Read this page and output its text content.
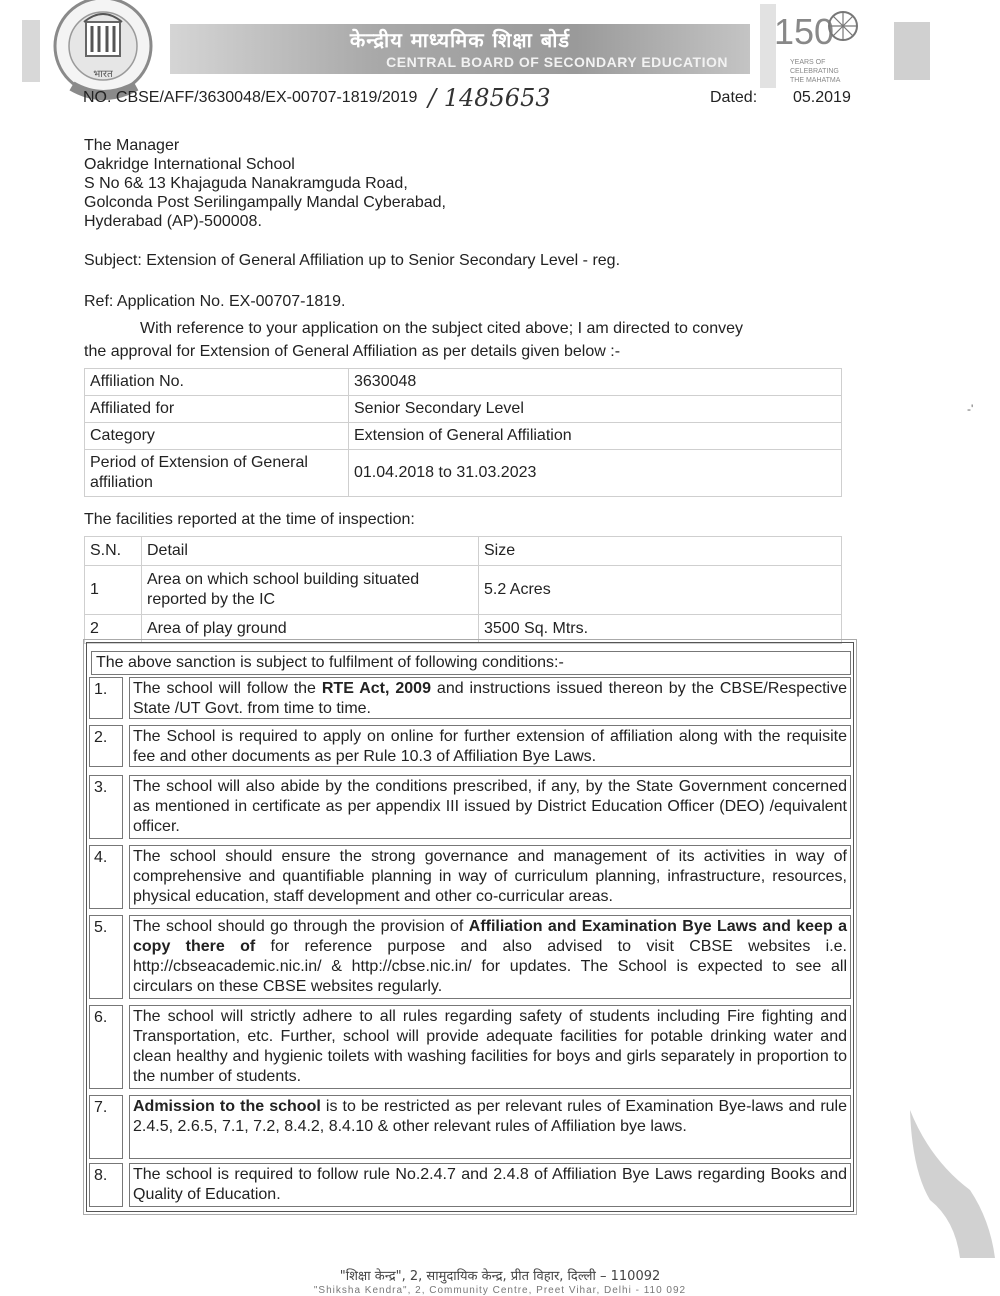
भारत
केन्द्रीय माध्यमिक शिक्षा बोर्ड
CENTRAL BOARD OF SECONDARY EDUCATION
150
YEARS OF
CELEBRATING
THE MAHATMA
NO. CBSE/AFF/3630048/EX-00707-1819/2019 / 1485653	Dated: 05.2019
The Manager
Oakridge International School
S No 6& 13 Khajaguda Nanakramguda Road,
Golconda Post Serilingampally Mandal Cyberabad,
Hyderabad (AP)-500008.
Subject: Extension of General Affiliation up to Senior Secondary Level - reg.
Ref: Application No. EX-00707-1819.
With reference to your application on the subject cited above; I am directed to convey
the approval for Extension of General Affiliation as per details given below :-
Affiliation No.	3630048
Affiliated for	Senior Secondary Level
Category	Extension of General Affiliation
Period of Extension of General affiliation	01.04.2018 to 31.03.2023
The facilities reported at the time of inspection:
S.N.	Detail	Size
1	Area on which school building situated reported by the IC	5.2 Acres
2	Area of play ground	3500 Sq. Mtrs.
The above sanction is subject to fulfilment of following conditions:-
1.	The school will follow the RTE Act, 2009 and instructions issued thereon by the CBSE/Respective State /UT Govt. from time to time.
2.	The School is required to apply on online for further extension of affiliation along with the requisite fee and other documents as per Rule 10.3 of Affiliation Bye Laws.
3.	The school will also abide by the conditions prescribed, if any, by the State Government concerned as mentioned in certificate as per appendix III issued by District Education Officer (DEO) /equivalent officer.
4.	The school should ensure the strong governance and management of its activities in way of comprehensive and quantifiable planning in way of curriculum planning, infrastructure, resources, physical education, staff development and other co-curricular areas.
5.	The school should go through the provision of Affiliation and Examination Bye Laws and keep a copy there of for reference purpose and also advised to visit CBSE websites i.e. http://cbseacademic.nic.in/ & http://cbse.nic.in/ for updates. The School is expected to see all circulars on these CBSE websites regularly.
6.	The school will strictly adhere to all rules regarding safety of students including Fire fighting and Transportation, etc. Further, school will provide adequate facilities for potable drinking water and clean healthy and hygienic toilets with washing facilities for boys and girls separately in proportion to the number of students.
7.	Admission to the school is to be restricted as per relevant rules of Examination Bye-laws and rule 2.4.5, 2.6.5, 7.1, 7.2, 8.4.2, 8.4.10 & other relevant rules of Affiliation bye laws.
8.	The school is required to follow rule No.2.4.7 and 2.4.8 of Affiliation Bye Laws regarding Books and Quality of Education.
-'
"शिक्षा केन्द्र", 2, सामुदायिक केन्द्र, प्रीत विहार, दिल्ली – 110092
"Shiksha Kendra", 2, Community Centre, Preet Vihar, Delhi - 110 092
